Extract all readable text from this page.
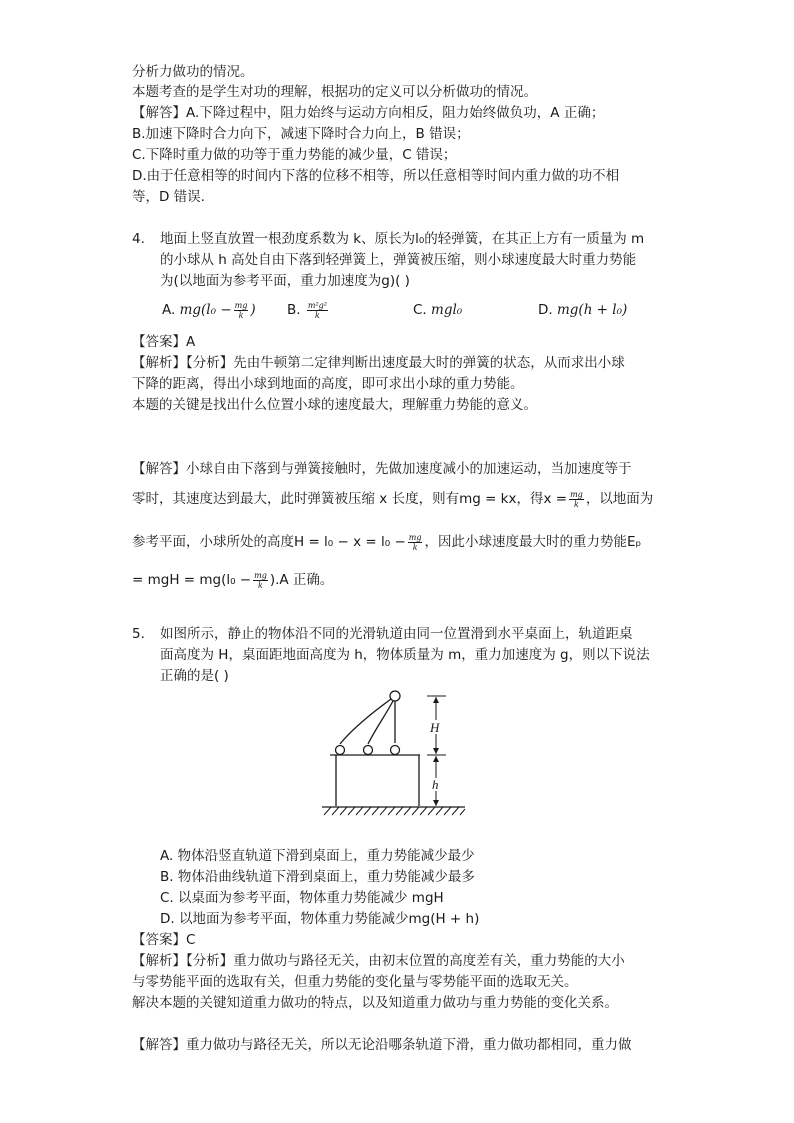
分析力做功的情况。
本题考查的是学生对功的理解，根据功的定义可以分析做功的情况。
【解答】A.下降过程中，阻力始终与运动方向相反，阻力始终做负功，A 正确；
B.加速下降时合力向下，减速下降时合力向上，B 错误；
C.下降时重力做的功等于重力势能的减少量，C 错误；
D.由于任意相等的时间内下落的位移不相等，所以任意相等时间内重力做的功不相
等，D 错误.
4. 地面上竖直放置一根劲度系数为 k、原长为l₀的轻弹簧，在其正上方有一质量为 m
的小球从 h 高处自由下落到轻弹簧上，弹簧被压缩，则小球速度最大时重力势能
为(以地面为参考平面，重力加速度为g)( )
A. $mg(l_0 - \frac{mg}{k}$ ) B. $\frac{\text{m²g²}}{k}$	C. mgl₀	D. mg(h + l₀)
【答案】A
【解析】【分析】先由牛顿第二定律判断出速度最大时的弹簧的状态，从而求出小球
下降的距离，得出小球到地面的高度，即可求出小球的重力势能。
本题的关键是找出什么位置小球的速度最大，理解重力势能的意义。
【解答】小球自由下落到与弹簧接触时，先做加速度减小的加速运动，当加速度等于
零时，其速度达到最大，此时弹簧被压缩 x 长度，则有mg = kx，得$x = \frac{mg}{k}$ ，以地面为
参考平面，小球所处的高度$H = l_0 - x = l_0 - \frac{mg}{k}$ ，因此小球速度最大时的重力势能Eₚ
= mgH = $mg(l_0 - \frac{mg}{k} ).A$ 正确。
5. 如图所示，静止的物体沿不同的光滑轨道由同一位置滑到水平桌面上，轨道距桌
面高度为 H，桌面距地面高度为 h，物体质量为 m，重力加速度为 g，则以下说法
正确的是( )
H
h
A. 物体沿竖直轨道下滑到桌面上，重力势能减少最少
B. 物体沿曲线轨道下滑到桌面上，重力势能减少最多
C. 以桌面为参考平面，物体重力势能减少 mgH
D. 以地面为参考平面，物体重力势能减少mg(H + h)
【答案】C
【解析】【分析】重力做功与路径无关，由初末位置的高度差有关，重力势能的大小
与零势能平面的选取有关，但重力势能的变化量与零势能平面的选取无关。
解决本题的关键知道重力做功的特点，以及知道重力做功与重力势能的变化关系。
【解答】重力做功与路径无关，所以无论沿哪条轨道下滑，重力做功都相同，重力做
